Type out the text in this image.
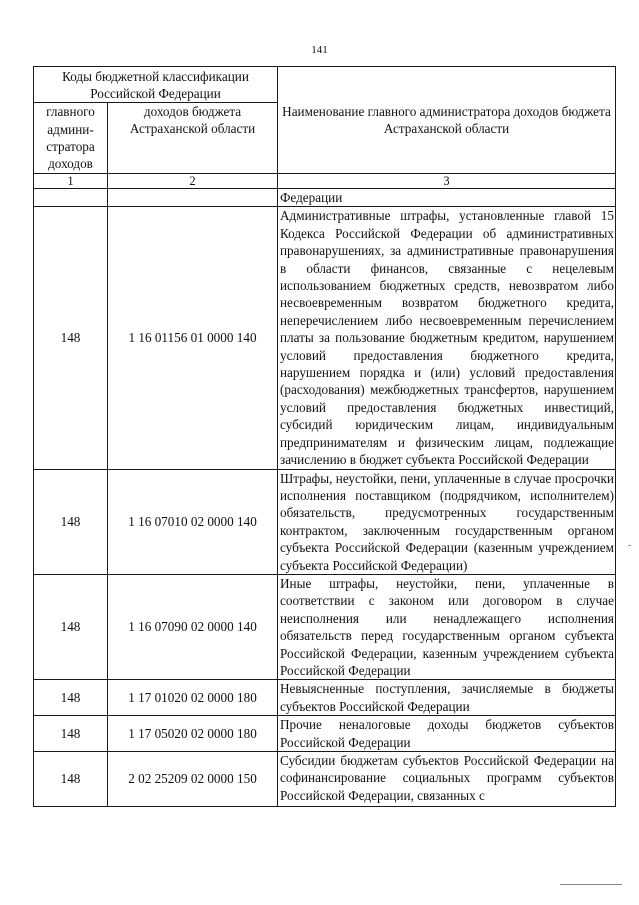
141
Коды бюджетной классификации Российской Федерации		Наименование главного администратора доходов бюджета Астраханской области
главного админи-стратора доходов	доходов бюджета Астраханской области	
1	2	3
		Федерации
148	1 16 01156 01 0000 140	Административные штрафы, установленные главой 15 Кодекса Российской Федерации об административных правонарушениях, за административные правонарушения в области финансов, связанные с нецелевым использованием бюджетных средств, невозвратом либо несвоевременным возвратом бюджетного кредита, неперечислением либо несвоевременным перечислением платы за пользование бюджетным кредитом, нарушением условий предоставления бюджетного кредита, нарушением порядка и (или) условий предоставления (расходования) межбюджетных трансфертов, нарушением условий предоставления бюджетных инвестиций, субсидий юридическим лицам, индивидуальным предпринимателям и физическим лицам, подлежащие зачислению в бюджет субъекта Российской Федерации
148	1 16 07010 02 0000 140	Штрафы, неустойки, пени, уплаченные в случае просрочки исполнения поставщиком (подрядчиком, исполнителем) обязательств, предусмотренных государственным контрактом, заключенным государственным органом субъекта Российской Федерации (казенным учреждением субъекта Российской Федерации)
148	1 16 07090 02 0000 140	Иные штрафы, неустойки, пени, уплаченные в соответствии с законом или договором в случае неисполнения или ненадлежащего исполнения обязательств перед государственным органом субъекта Российской Федерации, казенным учреждением субъекта Российской Федерации
148	1 17 01020 02 0000 180	Невыясненные поступления, зачисляемые в бюджеты субъектов Российской Федерации
148	1 17 05020 02 0000 180	Прочие неналоговые доходы бюджетов субъектов Российской Федерации
148	2 02 25209 02 0000 150	Субсидии бюджетам субъектов Российской Федерации на софинансирование социальных программ субъектов Российской Федерации, связанных с
